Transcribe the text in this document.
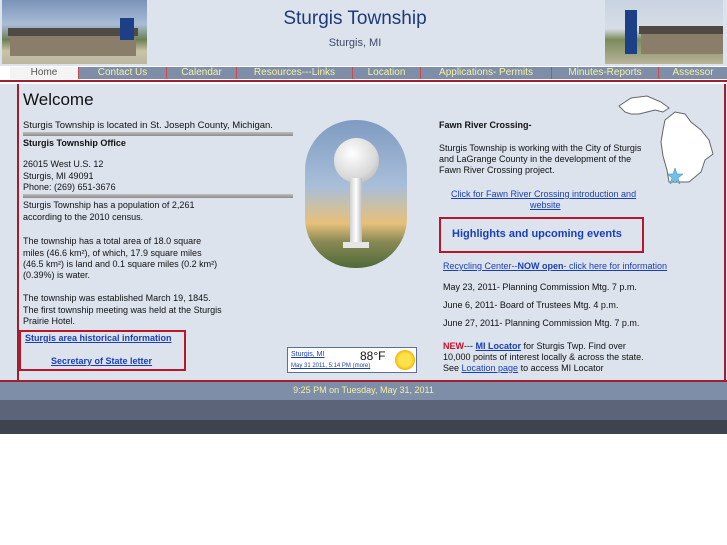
Sturgis Township
Sturgis, MI
Home	Contact Us	Calendar	Resources---Links	Location	Applications- Permits	Minutes-Reports	Assessor
Welcome
Sturgis Township is located in St. Joseph County, Michigan.
Sturgis Township Office
26015 West U.S. 12
Sturgis, MI 49091
Phone: (269) 651-3676
Sturgis Township has a population of 2,261
according to the 2010 census.
The township has a total area of 18.0 square
miles (46.6 km²), of which, 17.9 square miles
(46.5 km²) is land and 0.1 square miles (0.2 km²)
(0.39%) is water.
The township was established March 19, 1845.
The first township meeting was held at the Sturgis
Prairie Hotel.
Sturgis area historical information
Secretary of State letter
Sturgis, MI	88°F
May 31 2011, 5:14 PM (more)
Fawn River Crossing-
Sturgis Township is working with the City of Sturgis
and LaGrange County in the development of the
Fawn River Crossing project.
Click for Fawn River Crossing introduction and
website
Highlights and upcoming events
Recycling Center--NOW open- click here for information
May 23, 2011- Planning Commission Mtg. 7 p.m.
June 6, 2011- Board of Trustees Mtg. 4 p.m.
June 27, 2011- Planning Commission Mtg. 7 p.m.
NEW--- MI Locator for Sturgis Twp. Find over
10,000 points of interest locally & across the state.
See Location page to access MI Locator
9:25 PM on Tuesday, May 31, 2011
